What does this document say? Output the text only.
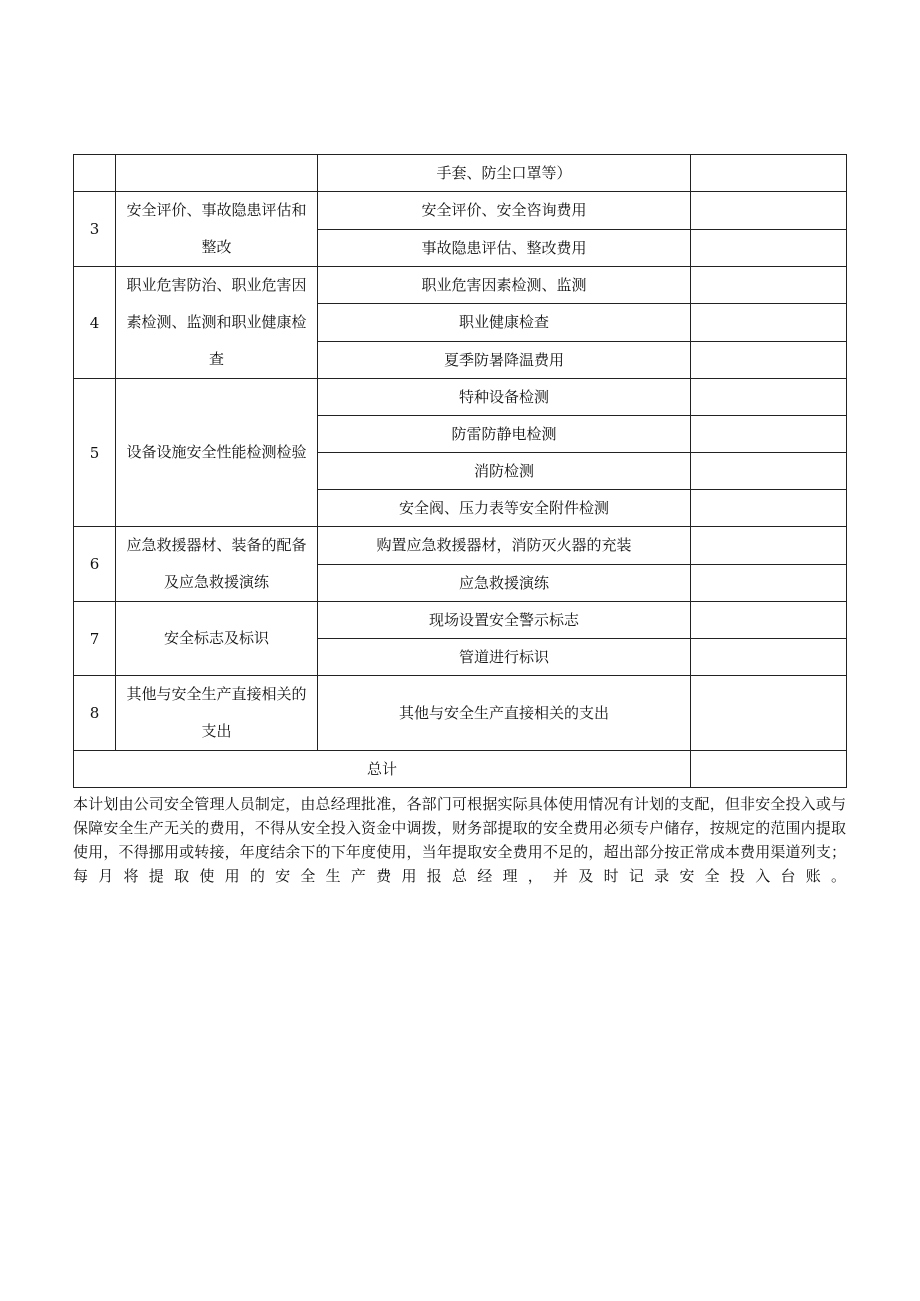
		手套、防尘口罩等）	
3	安全评价、事故隐患评估和整改	安全评价、安全咨询费用	
		事故隐患评估、整改费用	
4	职业危害防治、职业危害因素检测、监测和职业健康检查	职业危害因素检测、监测	
		职业健康检查	
		夏季防暑降温费用	
5	设备设施安全性能检测检验	特种设备检测	
		防雷防静电检测	
		消防检测	
		安全阀、压力表等安全附件检测	
6	应急救援器材、装备的配备及应急救援演练	购置应急救援器材，消防灭火器的充装	
		应急救援演练	
7	安全标志及标识	现场设置安全警示标志	
		管道进行标识	
8	其他与安全生产直接相关的支出	其他与安全生产直接相关的支出	
总计			

本计划由公司安全管理人员制定，由总经理批准，各部门可根据实际具体使用情况有计划的支配，但非安全投入或与保障安全生产无关的费用，不得从安全投入资金中调拨，财务部提取的安全费用必须专户储存，按规定的范围内提取使用，不得挪用或转接，年度结余下的下年度使用，当年提取安全费用不足的，超出部分按正常成本费用渠道列支；每月将提取使用的安全生产费用报总经理，并及时记录安全投入台账。
